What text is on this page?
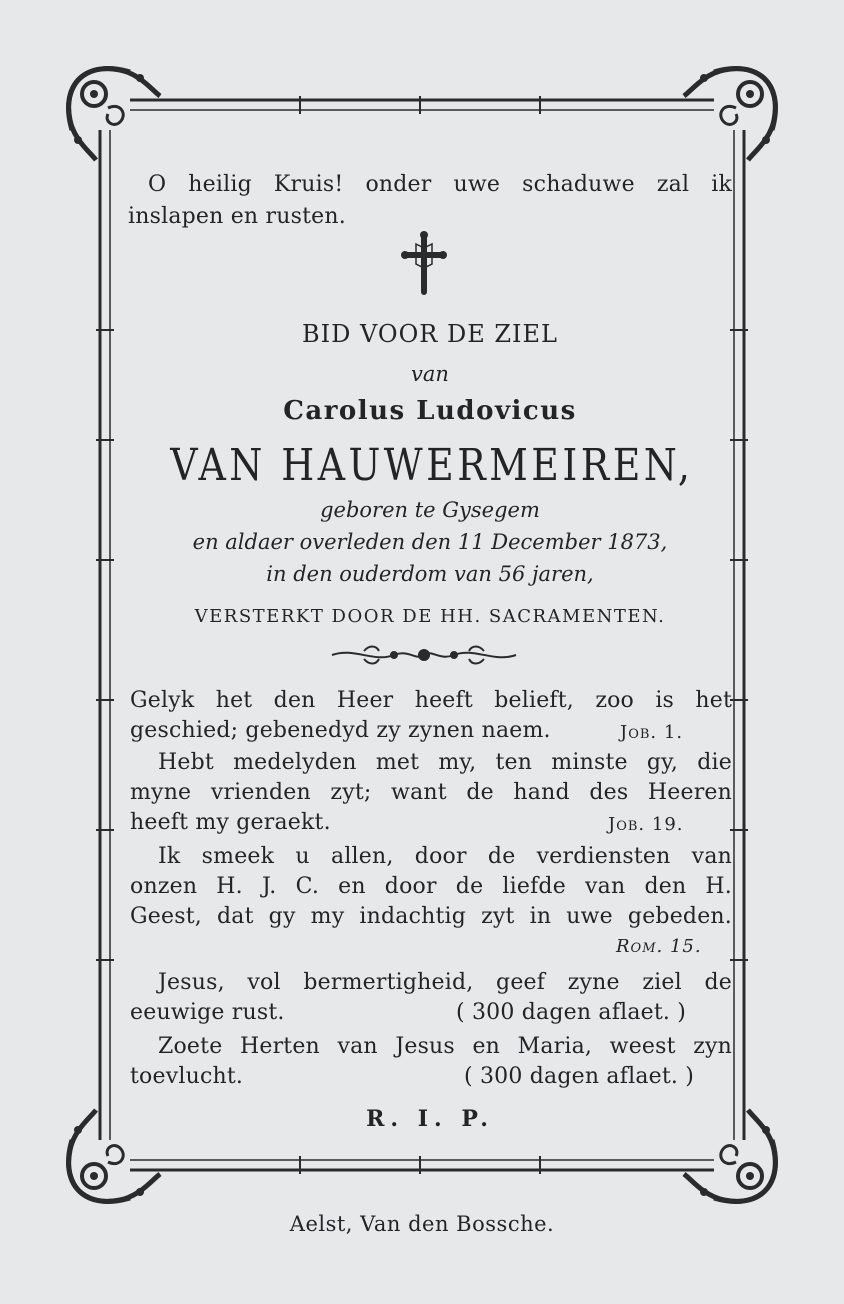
O heilig Kruis! onder uwe schaduwe zal ik
inslapen en rusten.
BID VOOR DE ZIEL
van
Carolus Ludovicus
VAN HAUWERMEIREN,
geboren te Gysegem
en aldaer overleden den 11 December 1873,
in den ouderdom van 56 jaren,
VERSTERKT DOOR DE HH. SACRAMENTEN.
Gelyk het den Heer heeft belieft, zoo is het
geschied; gebenedyd zy zynen naem.	Job. 1.
Hebt medelyden met my, ten minste gy, die
myne vrienden zyt; want de hand des Heeren
heeft my geraekt.	Job. 19.
Ik smeek u allen, door de verdiensten van
onzen H. J. C. en door de liefde van den H.
Geest, dat gy my indachtig zyt in uwe gebeden.
Rom. 15.
Jesus, vol bermertigheid, geef zyne ziel de
eeuwige rust.	( 300 dagen aflaet. )
Zoete Herten van Jesus en Maria, weest zyn
toevlucht.	( 300 dagen aflaet. )
R. I. P.
Aelst, Van den Bossche.
